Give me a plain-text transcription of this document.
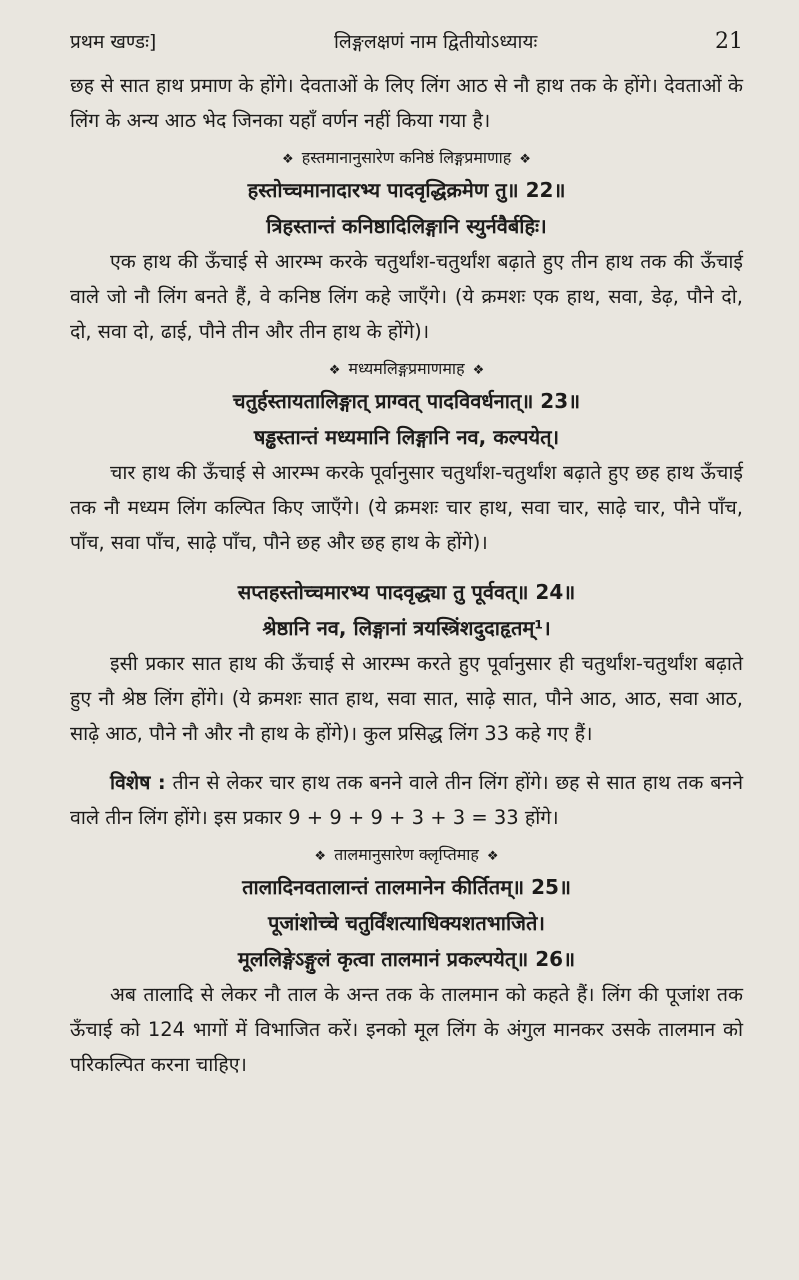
प्रथम खण्डः]	लिङ्गलक्षणं नाम द्वितीयोऽध्यायः	21

छह से सात हाथ प्रमाण के होंगे। देवताओं के लिए लिंग आठ से नौ हाथ तक के होंगे। देवताओं के लिंग के अन्य आठ भेद जिनका यहाँ वर्णन नहीं किया गया है।

❖ हस्तमानानुसारेण कनिष्ठं लिङ्गप्रमाणाह ❖

हस्तोच्चमानादारभ्य पादवृद्धिक्रमेण तु॥ 22॥

त्रिहस्तान्तं कनिष्ठादिलिङ्गानि स्युर्नवैर्बहिः।

एक हाथ की ऊँचाई से आरम्भ करके चतुर्थांश-चतुर्थांश बढ़ाते हुए तीन हाथ तक की ऊँचाई वाले जो नौ लिंग बनते हैं, वे कनिष्ठ लिंग कहे जाएँगे। (ये क्रमशः एक हाथ, सवा, डेढ़, पौने दो, दो, सवा दो, ढाई, पौने तीन और तीन हाथ के होंगे)।

❖ मध्यमलिङ्गप्रमाणमाह ❖

चतुर्हस्तायतालिङ्गात् प्राग्वत् पादविवर्धनात्॥ 23॥

षड्ढस्तान्तं मध्यमानि लिङ्गानि नव, कल्पयेत्।

चार हाथ की ऊँचाई से आरम्भ करके पूर्वानुसार चतुर्थांश-चतुर्थांश बढ़ाते हुए छह हाथ ऊँचाई तक नौ मध्यम लिंग कल्पित किए जाएँगे। (ये क्रमशः चार हाथ, सवा चार, साढ़े चार, पौने पाँच, पाँच, सवा पाँच, साढ़े पाँच, पौने छह और छह हाथ के होंगे)।

सप्तहस्तोच्चमारभ्य पादवृद्ध्या तु पूर्ववत्॥ 24॥

श्रेष्ठानि नव, लिङ्गानां त्रयस्त्रिंशदुदाहृतम्¹।

इसी प्रकार सात हाथ की ऊँचाई से आरम्भ करते हुए पूर्वानुसार ही चतुर्थांश-चतुर्थांश बढ़ाते हुए नौ श्रेष्ठ लिंग होंगे। (ये क्रमशः सात हाथ, सवा सात, साढ़े सात, पौने आठ, आठ, सवा आठ, साढ़े आठ, पौने नौ और नौ हाथ के होंगे)। कुल प्रसिद्ध लिंग 33 कहे गए हैं।

विशेष : तीन से लेकर चार हाथ तक बनने वाले तीन लिंग होंगे। छह से सात हाथ तक बनने वाले तीन लिंग होंगे। इस प्रकार 9 + 9 + 9 + 3 + 3 = 33 होंगे।

❖ तालमानुसारेण क्लृप्तिमाह ❖

तालादिनवतालान्तं तालमानेन कीर्तितम्॥ 25॥

पूजांशोच्चे चतुर्विंशत्याधिक्यशतभाजिते।

मूललिङ्गेऽङ्गुलं कृत्वा तालमानं प्रकल्पयेत्॥ 26॥

अब तालादि से लेकर नौ ताल के अन्त तक के तालमान को कहते हैं। लिंग की पूजांश तक ऊँचाई को 124 भागों में विभाजित करें। इनको मूल लिंग के अंगुल मानकर उसके तालमान को परिकल्पित करना चाहिए।
